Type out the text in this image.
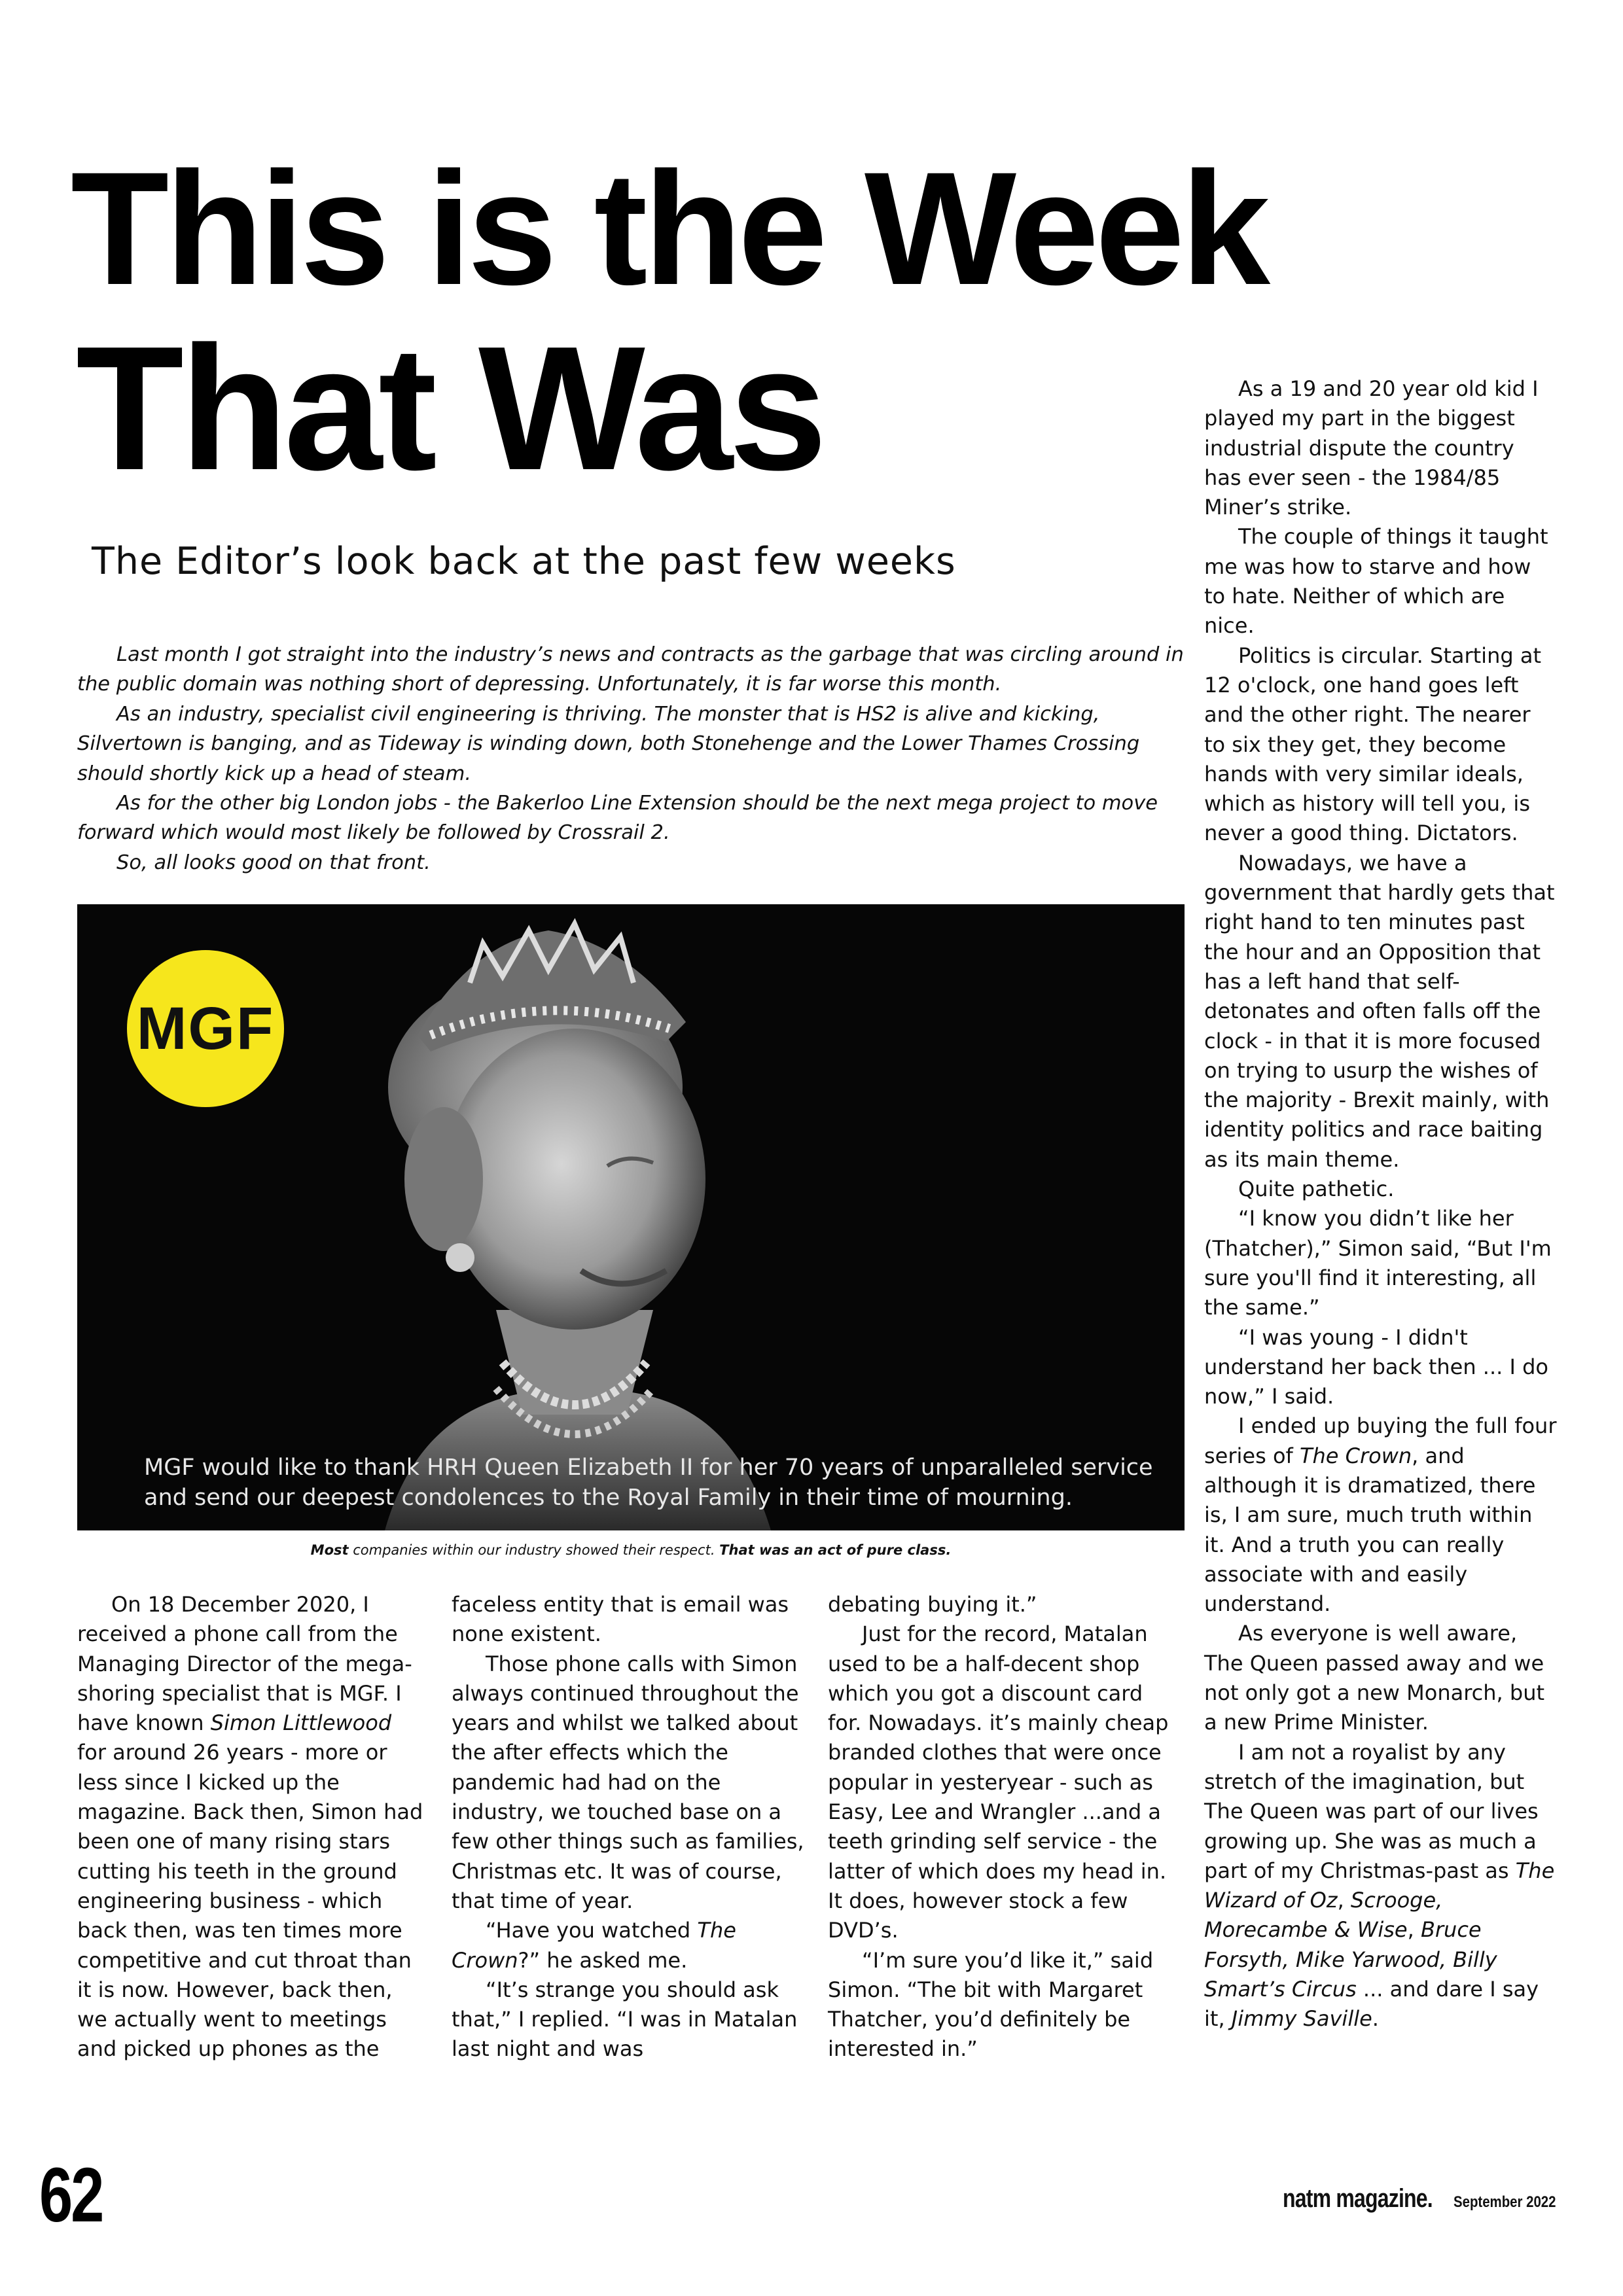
This is the Week
That Was
The Editor’s look back at the past few weeks

Last month I got straight into the industry’s news and contracts as the garbage that was circling around in the public domain was nothing short of depressing. Unfortunately, it is far worse this month.

As an industry, specialist civil engineering is thriving. The monster that is HS2 is alive and kicking, Silvertown is banging, and as Tideway is winding down, both Stonehenge and the Lower Thames Crossing should shortly kick up a head of steam.

As for the other big London jobs - the Bakerloo Line Extension should be the next mega project to move forward which would most likely be followed by Crossrail 2.

So, all looks good on that front.

MGF
MGF would like to thank HRH Queen Elizabeth II for her 70 years of unparalleled service
and send our deepest condolences to the Royal Family in their time of mourning.
Most companies within our industry showed their respect. That was an act of pure class.

On 18 December 2020, I received a phone call from the Managing Director of the mega-shoring specialist that is MGF. I have known Simon Littlewood for around 26 years - more or less since I kicked up the magazine. Back then, Simon had been one of many rising stars cutting his teeth in the ground engineering business - which back then, was ten times more competitive and cut throat than it is now. However, back then, we actually went to meetings and picked up phones as the

faceless entity that is email was none existent.

Those phone calls with Simon always continued throughout the years and whilst we talked about the after effects which the pandemic had had on the industry, we touched base on a few other things such as families, Christmas etc. It was of course, that time of year.

“Have you watched The Crown?” he asked me.

“It’s strange you should ask that,” I replied. “I was in Matalan last night and was

debating buying it.”

Just for the record, Matalan used to be a half-decent shop which you got a discount card for. Nowadays. it’s mainly cheap branded clothes that were once popular in yesteryear - such as Easy, Lee and Wrangler ...and a teeth grinding self service - the latter of which does my head in. It does, however stock a few DVD’s.

“I’m sure you’d like it,” said Simon. “The bit with Margaret Thatcher, you’d definitely be interested in.”

As a 19 and 20 year old kid I played my part in the biggest industrial dispute the country has ever seen - the 1984/85 Miner’s strike.

The couple of things it taught me was how to starve and how to hate. Neither of which are nice.

Politics is circular. Starting at 12 o'clock, one hand goes left and the other right. The nearer to six they get, they become hands with very similar ideals, which as history will tell you, is never a good thing. Dictators.

Nowadays, we have a government that hardly gets that right hand to ten minutes past the hour and an Opposition that has a left hand that self-detonates and often falls off the clock - in that it is more focused on trying to usurp the wishes of the majority - Brexit mainly, with identity politics and race baiting as its main theme.

Quite pathetic.

“I know you didn’t like her (Thatcher),” Simon said, “But I'm sure you'll find it interesting, all the same.”

“I was young - I didn't understand her back then ... I do now,” I said.

I ended up buying the full four series of The Crown, and although it is dramatized, there is, I am sure, much truth within it. And a truth you can really associate with and easily understand.

As everyone is well aware, The Queen passed away and we not only got a new Monarch, but a new Prime Minister.

I am not a royalist by any stretch of the imagination, but The Queen was part of our lives growing up. She was as much a part of my Christmas-past as The Wizard of Oz, Scrooge, Morecambe & Wise, Bruce Forsyth, Mike Yarwood, Billy Smart’s Circus ... and dare I say it, Jimmy Saville.

62	natm magazine. September 2022
